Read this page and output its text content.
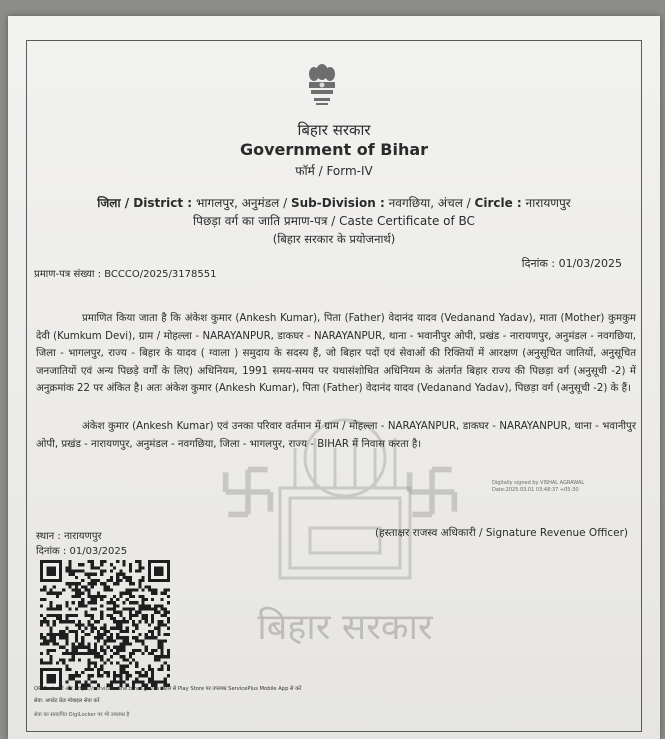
बिहार सरकार
बिहार सरकार
Government of Bihar
फॉर्म / Form-IV
जिला / District : भागलपुर, अनुमंडल / Sub-Division : नवगछिया, अंचल / Circle : नारायणपुर
पिछड़ा वर्ग का जाति प्रमाण-पत्र / Caste Certificate of BC
(बिहार सरकार के प्रयोजनार्थ)
प्रमाण-पत्र संख्या : BCCCO/2025/3178551
दिनांक : 01/03/2025
प्रमाणित किया जाता है कि अंकेश कुमार (Ankesh Kumar), पिता (Father) वेदानंद यादव (Vedanand Yadav), माता (Mother) कुमकुम देवी (Kumkum Devi), ग्राम / मोहल्ला - NARAYANPUR, डाकघर - NARAYANPUR, थाना - भवानीपुर ओपी, प्रखंड - नारायणपुर, अनुमंडल - नवगछिया, जिला - भागलपुर, राज्य - बिहार के यादव ( ग्वाला ) समुदाय के सदस्य हैं, जो बिहार पदों एवं सेवाओं की रिक्तियों में आरक्षण (अनुसूचित जातियों, अनुसूचित जनजातियों एवं अन्य पिछड़े वर्गों के लिए) अधिनियम, 1991 समय-समय पर यथासंशोधित अधिनियम के अंतर्गत बिहार राज्य की पिछड़ा वर्ग (अनुसूची -2) में अनुक्रमांक 22 पर अंकित है। अतः अंकेश कुमार (Ankesh Kumar), पिता (Father) वेदानंद यादव (Vedanand Yadav), पिछड़ा वर्ग (अनुसूची -2) के हैं।
अंकेश कुमार (Ankesh Kumar) एवं उनका परिवार वर्तमान में ग्राम / मोहल्ला - NARAYANPUR, डाकघर - NARAYANPUR, थाना - भवानीपुर ओपी, प्रखंड - नारायणपुर, अनुमंडल - नवगछिया, जिला - भागलपुर, राज्य - BIHAR में निवास करता है।
Digitally signed by VISHAL AGRAWAL
Date:2025.03.01 03:48:37 +05:30
स्थान : नारायणपुर
दिनांक : 01/03/2025
(हस्ताक्षर राजस्व अधिकारी / Signature Revenue Officer)
QR Code को और https://serviceonline.bihar.gov.in पोर्टल से Play Store पर उपलब्ध ServicePlus Mobile App से करें
सेवा: अपडेट फ्रेंड मोबाइल सेवा करें
सेवा का सत्यापित DigiLocker पर भी उपलब्ध है
